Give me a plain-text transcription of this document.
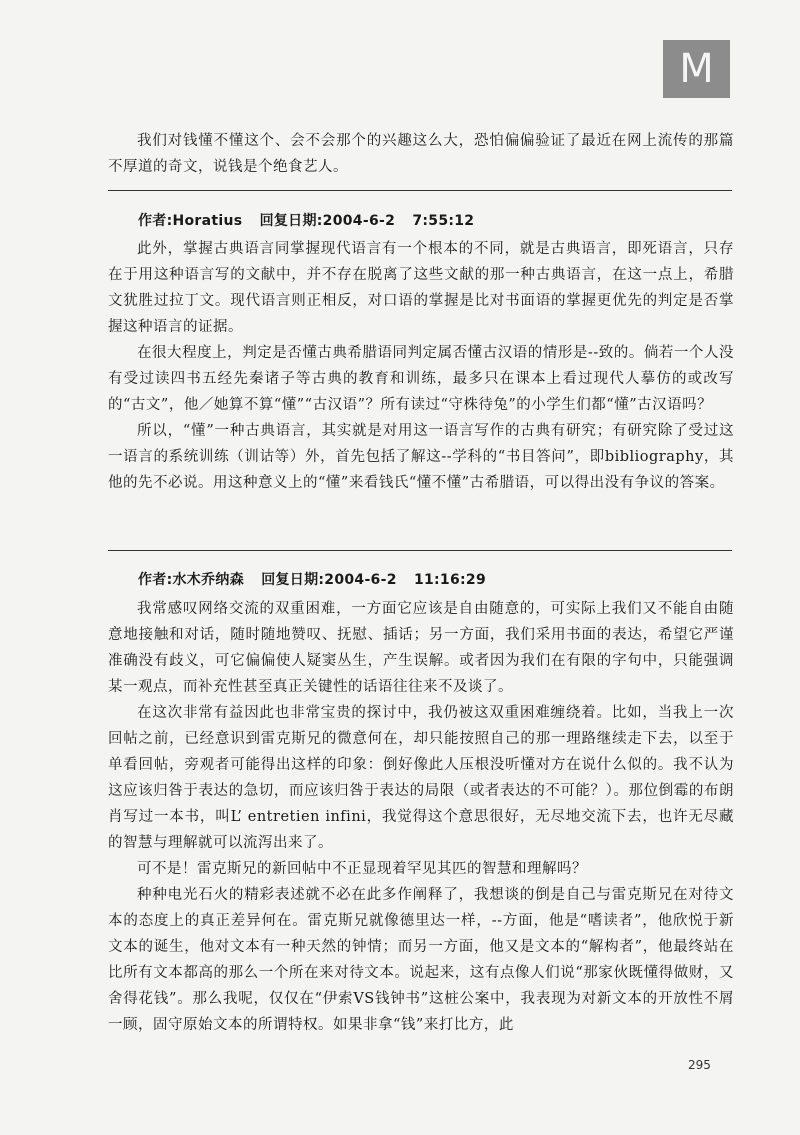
M

我们对钱懂不懂这个、会不会那个的兴趣这么大，恐怕偏偏验证了最近在网上流传的那篇不厚道的奇文，说钱是个绝食艺人。

作者:Horatius 回复日期:2004-6-2 7:55:12

此外，掌握古典语言同掌握现代语言有一个根本的不同，就是古典语言，即死语言，只存在于用这种语言写的文献中，并不存在脱离了这些文献的那一种古典语言，在这一点上，希腊文犹胜过拉丁文。现代语言则正相反，对口语的掌握是比对书面语的掌握更优先的判定是否掌握这种语言的证据。

在很大程度上，判定是否懂古典希腊语同判定属否懂古汉语的情形是--致的。倘若一个人没有受过读四书五经先秦诸子等古典的教育和训练，最多只在课本上看过现代人摹仿的或改写的“古文”，他／她算不算“懂”“古汉语”？所有读过“守株待兔”的小学生们都“懂”古汉语吗？

所以，“懂”一种古典语言，其实就是对用这一语言写作的古典有研究；有研究除了受过这一语言的系统训练（训诂等）外，首先包括了解这--学科的“书目答问”，即bibliography，其他的先不必说。用这种意义上的“懂”来看钱氏“懂不懂”古希腊语，可以得出没有争议的答案。

作者:水木乔纳森 回复日期:2004-6-2 11:16:29

我常感叹网络交流的双重困难，一方面它应该是自由随意的，可实际上我们又不能自由随意地接触和对话，随时随地赞叹、抚慰、插话；另一方面，我们采用书面的表达，希望它严谨准确没有歧义，可它偏偏使人疑窦丛生，产生误解。或者因为我们在有限的字句中，只能强调某一观点，而补充性甚至真正关键性的话语往往来不及谈了。

在这次非常有益因此也非常宝贵的探讨中，我仍被这双重困难缠绕着。比如，当我上一次回帖之前，已经意识到雷克斯兄的微意何在，却只能按照自己的那一理路继续走下去，以至于单看回帖，旁观者可能得出这样的印象：倒好像此人压根没听懂对方在说什么似的。我不认为这应该归咎于表达的急切，而应该归咎于表达的局限（或者表达的不可能？）。那位倒霉的布朗肖写过一本书，叫L’ entretien infini，我觉得这个意思很好，无尽地交流下去，也许无尽藏的智慧与理解就可以流泻出来了。

可不是！雷克斯兄的新回帖中不正显现着罕见其匹的智慧和理解吗？

种种电光石火的精彩表述就不必在此多作阐释了，我想谈的倒是自己与雷克斯兄在对待文本的态度上的真正差异何在。雷克斯兄就像德里达一样，--方面，他是“嗜读者”，他欣悦于新文本的诞生，他对文本有一种天然的钟情；而另一方面，他又是文本的“解构者”，他最终站在比所有文本都高的那么一个所在来对待文本。说起来，这有点像人们说“那家伙既懂得做财，又舍得花钱”。那么我呢，仅仅在“伊索VS钱钟书”这桩公案中，我表现为对新文本的开放性不屑一顾，固守原始文本的所谓特权。如果非拿“钱”来打比方，此

295
